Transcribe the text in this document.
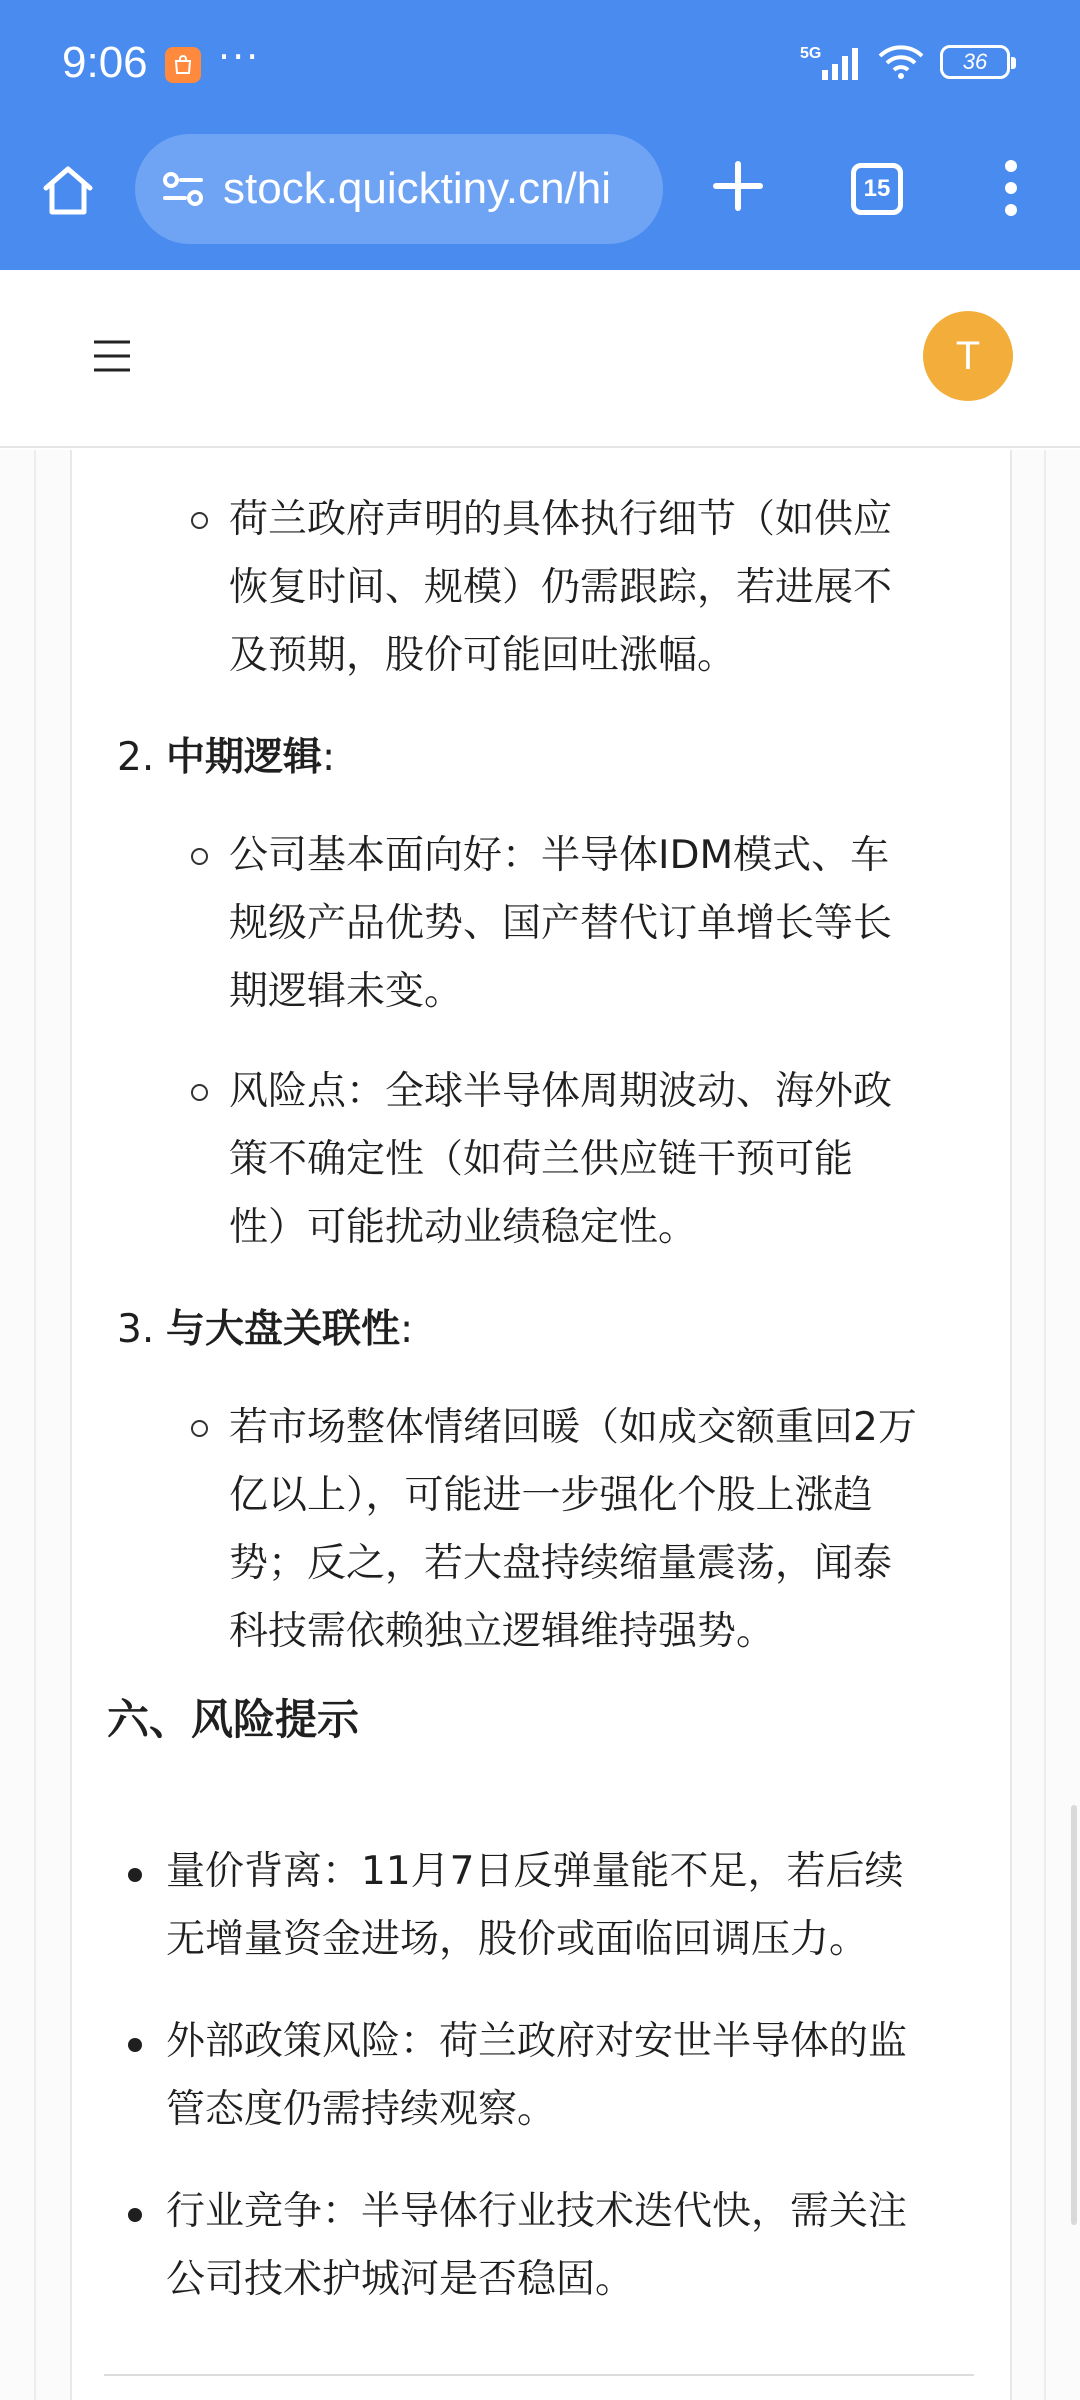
9:06 ···	5G	36
stock.quicktiny.cn/hi	15
T
荷兰政府声明的具体执行细节（如供应
恢复时间、规模）仍需跟踪，若进展不
及预期，股价可能回吐涨幅。
2. 中期逻辑:
公司基本面向好：半导体IDM模式、车
规级产品优势、国产替代订单增长等长
期逻辑未变。
风险点：全球半导体周期波动、海外政
策不确定性（如荷兰供应链干预可能
性）可能扰动业绩稳定性。
3. 与大盘关联性:
若市场整体情绪回暖（如成交额重回2万
亿以上），可能进一步强化个股上涨趋
势；反之，若大盘持续缩量震荡，闻泰
科技需依赖独立逻辑维持强势。
六、风险提示
量价背离：11月7日反弹量能不足，若后续
无增量资金进场，股价或面临回调压力。
外部政策风险：荷兰政府对安世半导体的监
管态度仍需持续观察。
行业竞争：半导体行业技术迭代快，需关注
公司技术护城河是否稳固。
